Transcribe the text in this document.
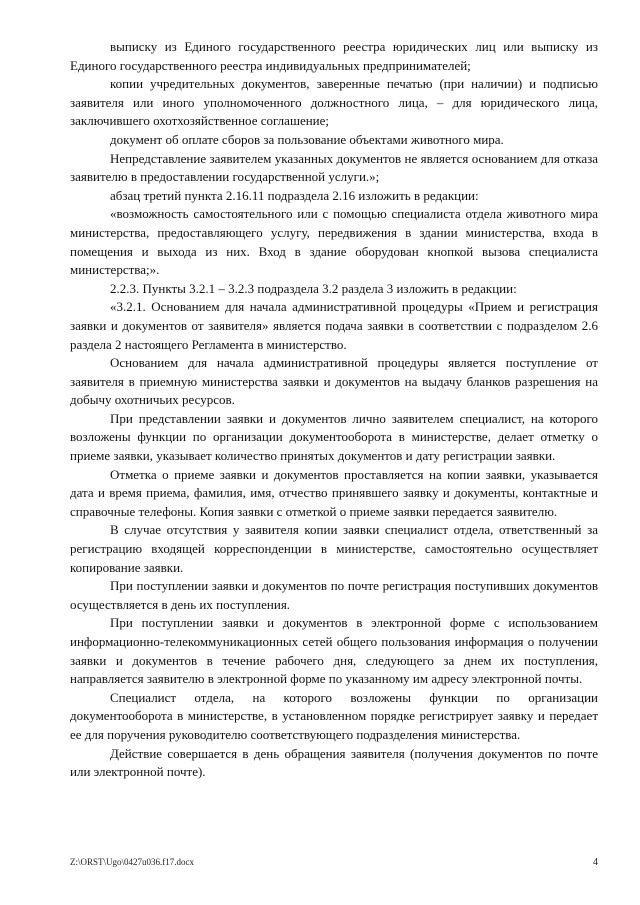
выписку из Единого государственного реестра юридических лиц или выписку из Единого государственного реестра индивидуальных предпринимателей;

копии учредительных документов, заверенные печатью (при наличии) и подписью заявителя или иного уполномоченного должностного лица, – для юридического лица, заключившего охотхозяйственное соглашение;

документ об оплате сборов за пользование объектами животного мира.

Непредставление заявителем указанных документов не является основанием для отказа заявителю в предоставлении государственной услуги.»;

абзац третий пункта 2.16.11 подраздела 2.16 изложить в редакции:

«возможность самостоятельного или с помощью специалиста отдела животного мира министерства, предоставляющего услугу, передвижения в здании министерства, входа в помещения и выхода из них. Вход в здание оборудован кнопкой вызова специалиста министерства;».

2.2.3. Пункты 3.2.1 – 3.2.3 подраздела 3.2 раздела 3 изложить в редакции:

«3.2.1. Основанием для начала административной процедуры «Прием и регистрация заявки и документов от заявителя» является подача заявки в соответствии с подразделом 2.6 раздела 2 настоящего Регламента в министерство.

Основанием для начала административной процедуры является поступление от заявителя в приемную министерства заявки и документов на выдачу бланков разрешения на добычу охотничьих ресурсов.

При представлении заявки и документов лично заявителем специалист, на которого возложены функции по организации документооборота в министерстве, делает отметку о приеме заявки, указывает количество принятых документов и дату регистрации заявки.

Отметка о приеме заявки и документов проставляется на копии заявки, указывается дата и время приема, фамилия, имя, отчество принявшего заявку и документы, контактные и справочные телефоны. Копия заявки с отметкой о приеме заявки передается заявителю.

В случае отсутствия у заявителя копии заявки специалист отдела, ответственный за регистрацию входящей корреспонденции в министерстве, самостоятельно осуществляет копирование заявки.

При поступлении заявки и документов по почте регистрация поступивших документов осуществляется в день их поступления.

При поступлении заявки и документов в электронной форме с использованием информационно-телекоммуникационных сетей общего пользования информация о получении заявки и документов в течение рабочего дня, следующего за днем их поступления, направляется заявителю в электронной форме по указанному им адресу электронной почты.

Специалист отдела, на которого возложены функции по организации документооборота в министерстве, в установленном порядке регистрирует заявку и передает ее для поручения руководителю соответствующего подразделения министерства.

Действие совершается в день обращения заявителя (получения документов по почте или электронной почте).

Z:\ORST\Ugo\0427u036.f17.docx	4
